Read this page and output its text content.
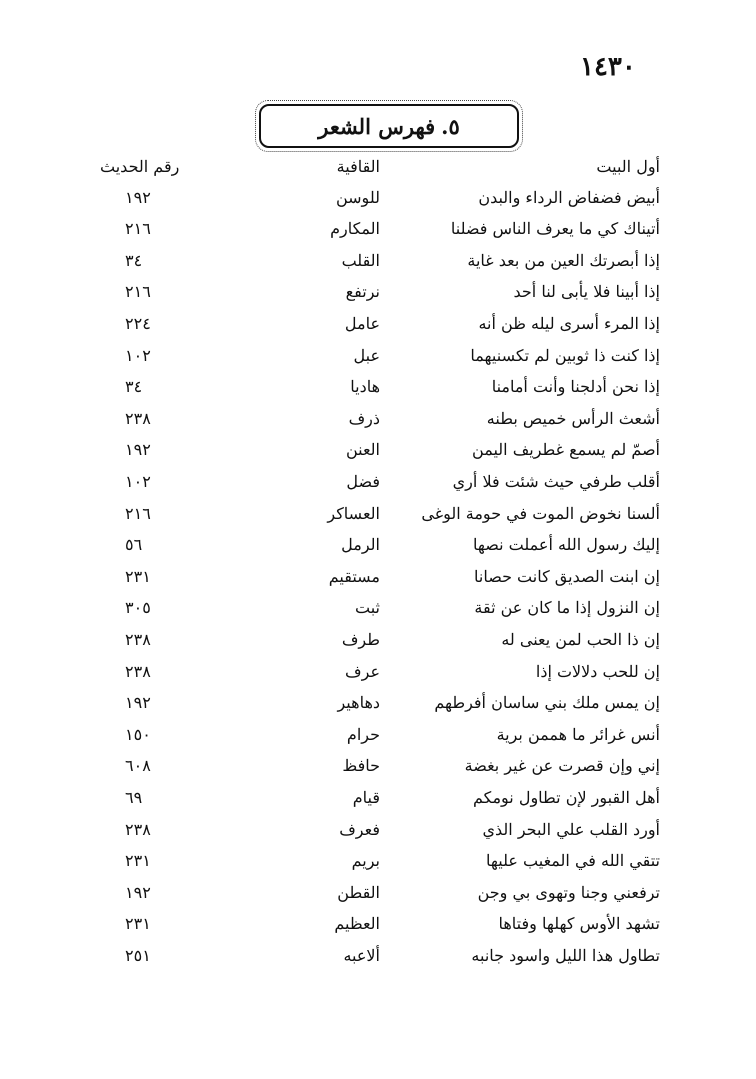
١٤٣٠
٥.
فهرس الشعر
أول البيت
القافية
رقم الحديث
أبيض فضفاض الرداء والبدن
للوسن
١٩٢
أتيناك كي ما يعرف الناس فضلنا
المكارم
٢١٦
إذا أبصرتك العين من بعد غاية
القلب
٣٤
إذا أبينا فلا يأبى لنا أحد
نرتفع
٢١٦
إذا المرء أسرى ليله ظن أنه
عامل
٢٢٤
إذا كنت ذا ثوبين لم تكسنيهما
عبل
١٠٢
إذا نحن أدلجنا وأنت أمامنا
هاديا
٣٤
أشعث الرأس خميص بطنه
ذرف
٢٣٨
أصمّ لم يسمع غطريف اليمن
العنن
١٩٢
أقلب طرفي حيث شئت فلا أري
فضل
١٠٢
ألسنا نخوض الموت في حومة الوغى
العساكر
٢١٦
إليك رسول الله أعملت نصها
الرمل
٥٦
إن ابنت الصديق كانت حصانا
مستقيم
٢٣١
إن النزول إذا ما كان عن ثقة
ثبت
٣٠٥
إن ذا الحب لمن يعنى له
طرف
٢٣٨
إن للحب دلالات إذا
عرف
٢٣٨
إن يمس ملك بني ساسان أفرطهم
دهاهير
١٩٢
أنس غرائر ما هممن برية
حرام
١٥٠
إني وإن قصرت عن غير بغضة
حافظ
٦٠٨
أهل القبور لإن تطاول نومكم
قيام
٦٩
أورد القلب علي البحر الذي
فعرف
٢٣٨
تتقي الله في المغيب عليها
بريم
٢٣١
ترفعني وجنا وتهوى بي وجن
القطن
١٩٢
تشهد الأوس كهلها وفتاها
العظيم
٢٣١
تطاول هذا الليل واسود جانبه
ألاعبه
٢٥١
